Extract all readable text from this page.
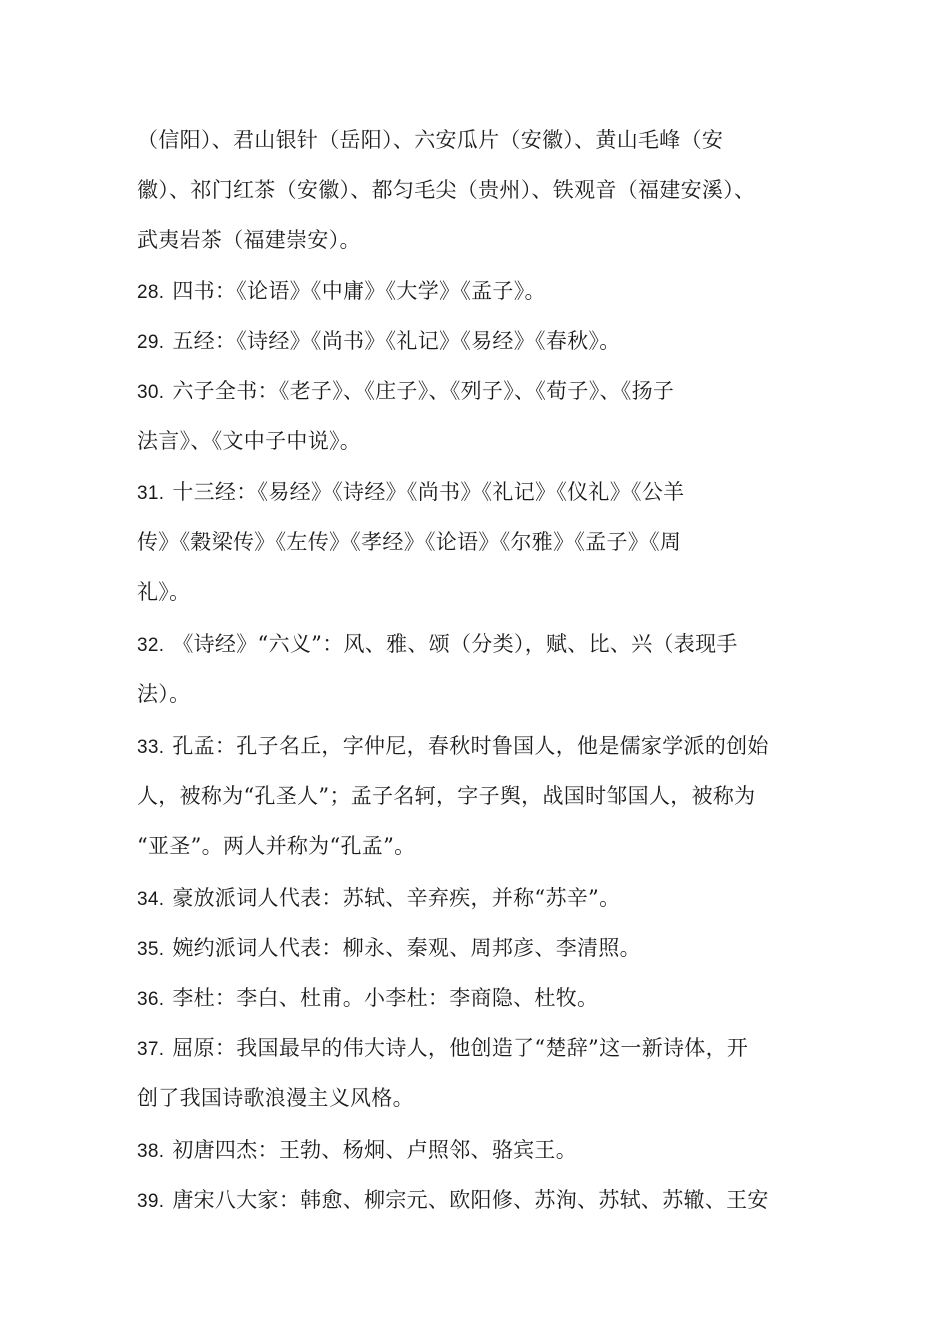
（信阳）、君山银针（岳阳）、六安瓜片（安徽）、黄山毛峰（安
徽）、祁门红茶（安徽）、都匀毛尖（贵州）、铁观音（福建安溪）、
武夷岩茶（福建崇安）。
28. 四书：《论语》《中庸》《大学》《孟子》。
29. 五经：《诗经》《尚书》《礼记》《易经》《春秋》。
30. 六子全书：《老子》、《庄子》、《列子》、《荀子》、《扬子
法言》、《文中子中说》。
31. 十三经：《易经》《诗经》《尚书》《礼记》《仪礼》《公羊
传》《穀梁传》《左传》《孝经》《论语》《尔雅》《孟子》《周
礼》。
32. 《诗经》“六义”：风、雅、颂（分类），赋、比、兴（表现手
法）。
33. 孔孟：孔子名丘，字仲尼，春秋时鲁国人，他是儒家学派的创始
人，被称为“孔圣人”；孟子名轲，字子舆，战国时邹国人，被称为
“亚圣”。两人并称为“孔孟”。
34. 豪放派词人代表：苏轼、辛弃疾，并称“苏辛”。
35. 婉约派词人代表：柳永、秦观、周邦彦、李清照。
36. 李杜：李白、杜甫。小李杜：李商隐、杜牧。
37. 屈原：我国最早的伟大诗人，他创造了“楚辞”这一新诗体，开
创了我国诗歌浪漫主义风格。
38. 初唐四杰：王勃、杨炯、卢照邻、骆宾王。
39. 唐宋八大家：韩愈、柳宗元、欧阳修、苏洵、苏轼、苏辙、王安
